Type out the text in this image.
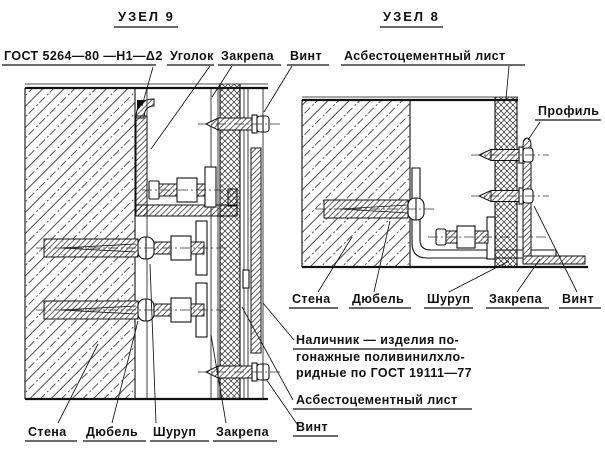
УЗЕЛ 9	УЗЕЛ 8
ГОСТ 5264—80 —Н1—Δ2 Уголок Закрепа Винт Асбестоцементный лист
Профиль
Стена Дюбель Шуруп Закрепа Винт
Наличник — изделия по-
гонажные поливинилхло-
ридные по ГОСТ 19111—77
Асбестоцементный лист
Винт
Стена Дюбель Шуруп Закрепа
